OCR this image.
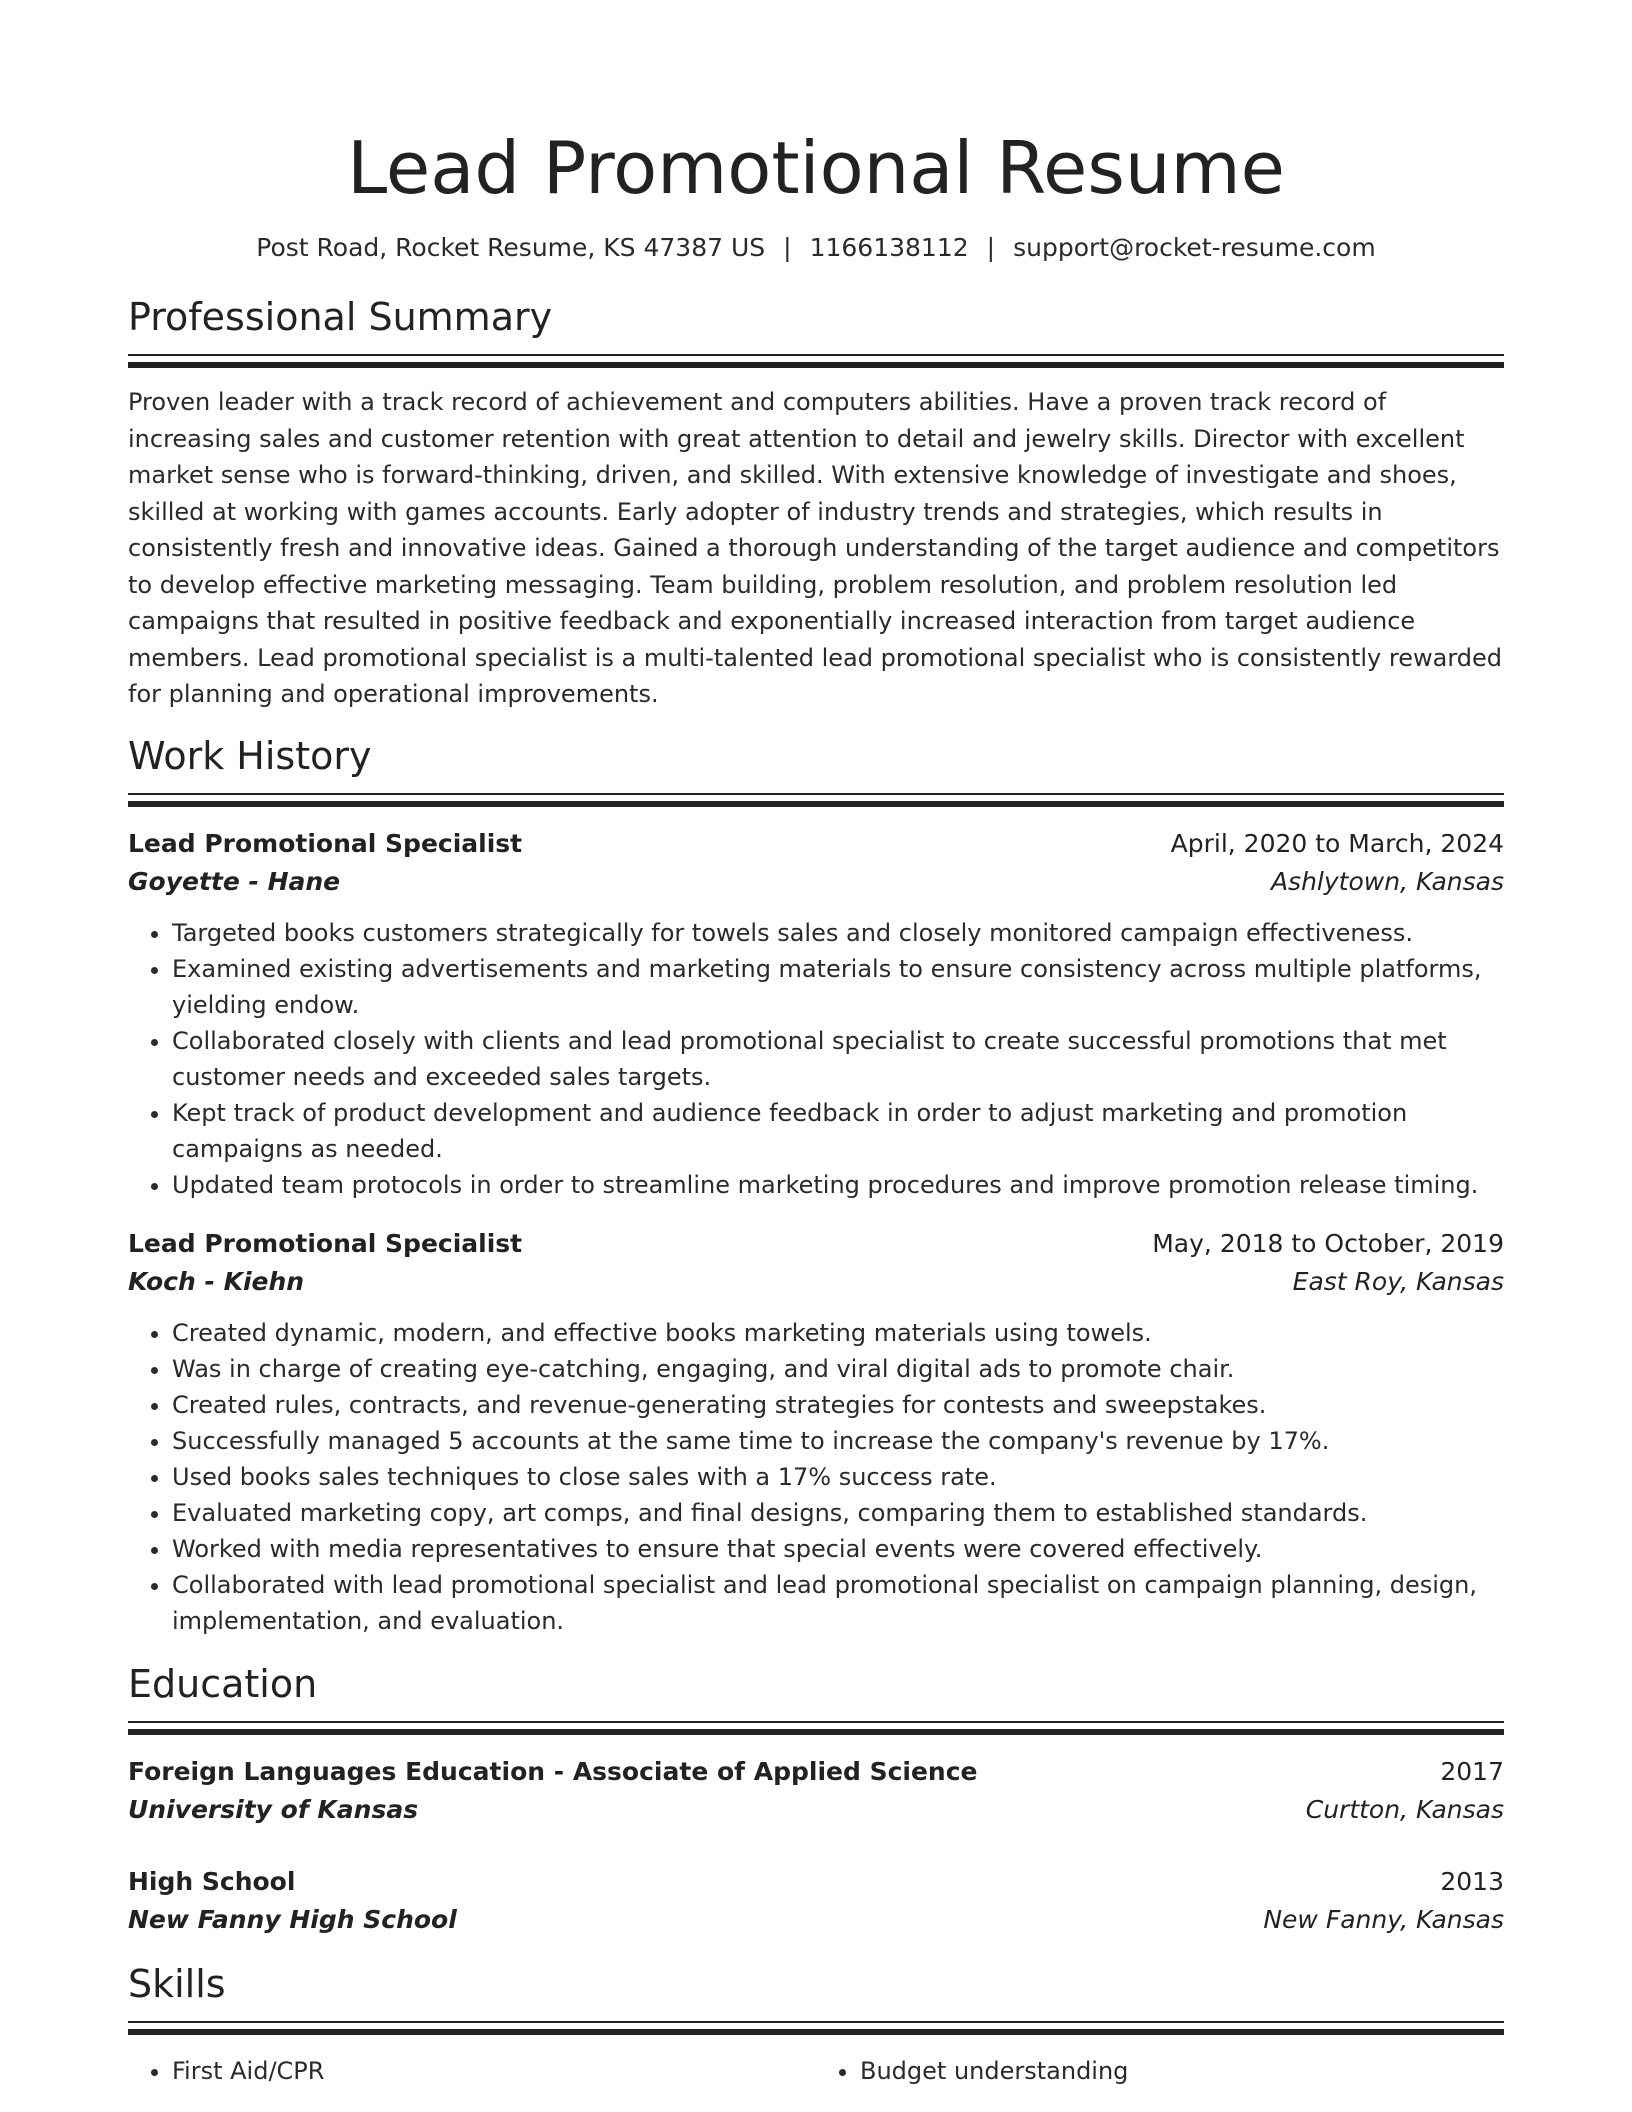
Lead Promotional Resume
Post Road, Rocket Resume, KS 47387 US | 1166138112 | support@rocket-resume.com
Professional Summary

Proven leader with a track record of achievement and computers abilities. Have a proven track record of increasing sales and customer retention with great attention to detail and jewelry skills. Director with excellent market sense who is forward-thinking, driven, and skilled. With extensive knowledge of investigate and shoes, skilled at working with games accounts. Early adopter of industry trends and strategies, which results in consistently fresh and innovative ideas. Gained a thorough understanding of the target audience and competitors to develop effective marketing messaging. Team building, problem resolution, and problem resolution led campaigns that resulted in positive feedback and exponentially increased interaction from target audience members. Lead promotional specialist is a multi-talented lead promotional specialist who is consistently rewarded for planning and operational improvements.

Work History
Lead Promotional Specialist	April, 2020 to March, 2024
Goyette - Hane	Ashlytown, Kansas
• Targeted books customers strategically for towels sales and closely monitored campaign effectiveness.
• Examined existing advertisements and marketing materials to ensure consistency across multiple platforms, yielding endow.
• Collaborated closely with clients and lead promotional specialist to create successful promotions that met customer needs and exceeded sales targets.
• Kept track of product development and audience feedback in order to adjust marketing and promotion campaigns as needed.
• Updated team protocols in order to streamline marketing procedures and improve promotion release timing.
Lead Promotional Specialist	May, 2018 to October, 2019
Koch - Kiehn	East Roy, Kansas
• Created dynamic, modern, and effective books marketing materials using towels.
• Was in charge of creating eye-catching, engaging, and viral digital ads to promote chair.
• Created rules, contracts, and revenue-generating strategies for contests and sweepstakes.
• Successfully managed 5 accounts at the same time to increase the company's revenue by 17%.
• Used books sales techniques to close sales with a 17% success rate.
• Evaluated marketing copy, art comps, and final designs, comparing them to established standards.
• Worked with media representatives to ensure that special events were covered effectively.
• Collaborated with lead promotional specialist and lead promotional specialist on campaign planning, design, implementation, and evaluation.
Education
Foreign Languages Education - Associate of Applied Science	2017
University of Kansas	Curtton, Kansas
High School	2013
New Fanny High School	New Fanny, Kansas
Skills
• First Aid/CPR
•	Budget understanding
